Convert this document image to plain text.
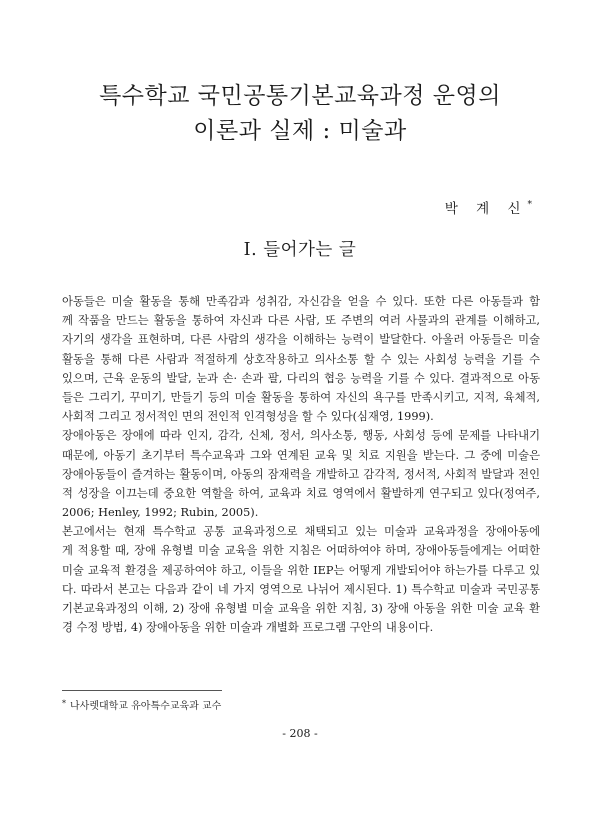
특수학교 국민공통기본교육과정 운영의
이론과 실제 : 미술과
박 계 신*
Ⅰ. 들어가는 글
아동들은 미술 활동을 통해 만족감과 성취감, 자신감을 얻을 수 있다. 또한 다른 아동들과 함
께 작품을 만드는 활동을 통하여 자신과 다른 사람, 또 주변의 여러 사물과의 관계를 이해하고,
자기의 생각을 표현하며, 다른 사람의 생각을 이해하는 능력이 발달한다. 아울러 아동들은 미술
활동을 통해 다른 사람과 적절하게 상호작용하고 의사소통 할 수 있는 사회성 능력을 기를 수
있으며, 근육 운동의 발달, 눈과 손· 손과 팔, 다리의 협응 능력을 기를 수 있다. 결과적으로 아동
들은 그리기, 꾸미기, 만들기 등의 미술 활동을 통하여 자신의 욕구를 만족시키고, 지적, 육체적,
사회적 그리고 정서적인 면의 전인적 인격형성을 할 수 있다(심재영, 1999).
장애아동은 장애에 따라 인지, 감각, 신체, 정서, 의사소통, 행동, 사회성 등에 문제를 나타내기
때문에, 아동기 초기부터 특수교육과 그와 연계된 교육 및 치료 지원을 받는다. 그 중에 미술은
장애아동들이 즐겨하는 활동이며, 아동의 잠재력을 개발하고 감각적, 정서적, 사회적 발달과 전인
적 성장을 이끄는데 중요한 역할을 하여, 교육과 치료 영역에서 활발하게 연구되고 있다(정여주,
2006; Henley, 1992; Rubin, 2005).
본고에서는 현재 특수학교 공통 교육과정으로 채택되고 있는 미술과 교육과정을 장애아동에
게 적용할 때, 장애 유형별 미술 교육을 위한 지침은 어떠하여야 하며, 장애아동들에게는 어떠한
미술 교육적 환경을 제공하여야 하고, 이들을 위한 IEP는 어떻게 개발되어야 하는가를 다루고 있
다. 따라서 본고는 다음과 같이 네 가지 영역으로 나뉘어 제시된다. 1) 특수학교 미술과 국민공통
기본교육과정의 이해, 2) 장애 유형별 미술 교육을 위한 지침, 3) 장애 아동을 위한 미술 교육 환
경 수정 방법, 4) 장애아동을 위한 미술과 개별화 프로그램 구안의 내용이다.
* 나사렛대학교 유아특수교육과 교수
- 208 -
